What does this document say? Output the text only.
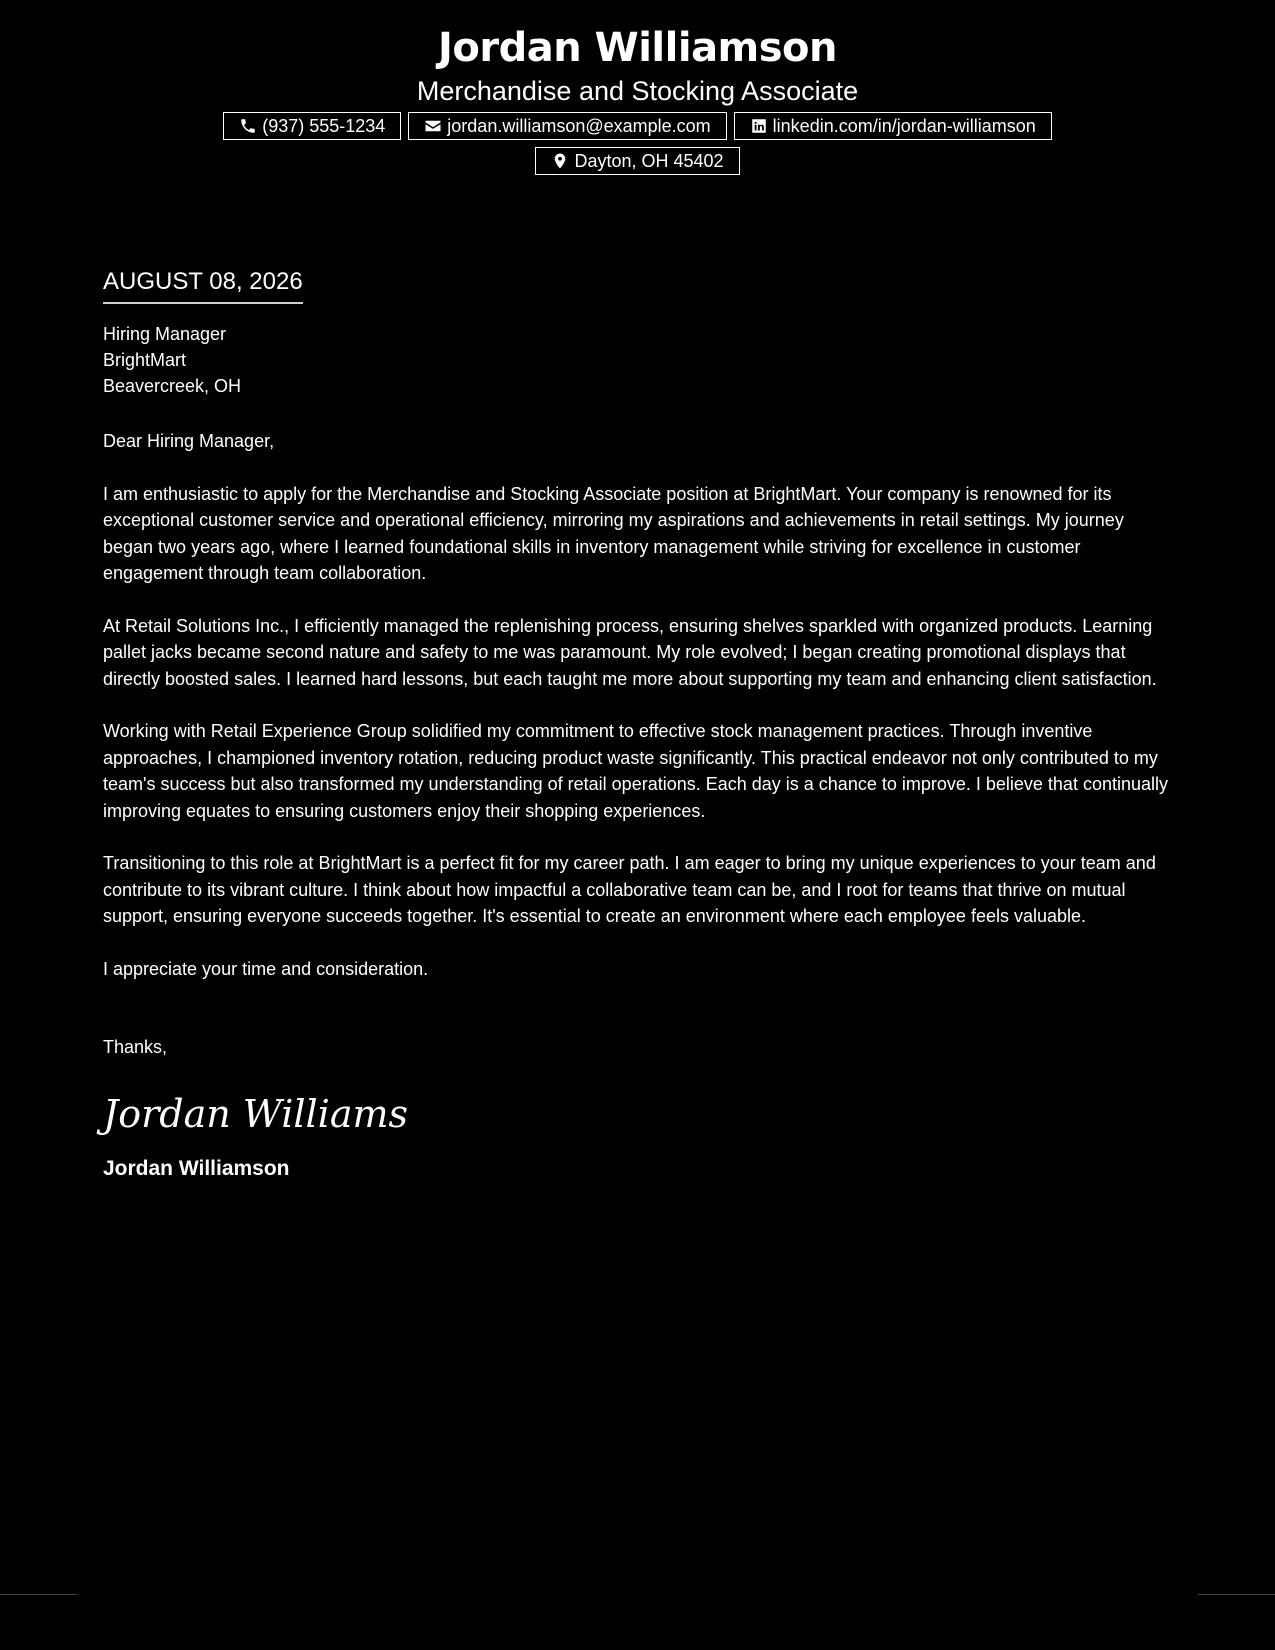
Jordan Williamson
Merchandise and Stocking Associate
(937) 555-1234	jordan.williamson@example.com	linkedin.com/in/jordan-williamson
Dayton, OH 45402
AUGUST 08, 2026
Hiring Manager
BrightMart
Beavercreek, OH
Dear Hiring Manager,

I am enthusiastic to apply for the Merchandise and Stocking Associate position at BrightMart. Your company is renowned for its exceptional customer service and operational efficiency, mirroring my aspirations and achievements in retail settings. My journey began two years ago, where I learned foundational skills in inventory management while striving for excellence in customer engagement through team collaboration.

At Retail Solutions Inc., I efficiently managed the replenishing process, ensuring shelves sparkled with organized products. Learning pallet jacks became second nature and safety to me was paramount. My role evolved; I began creating promotional displays that directly boosted sales. I learned hard lessons, but each taught me more about supporting my team and enhancing client satisfaction.

Working with Retail Experience Group solidified my commitment to effective stock management practices. Through inventive approaches, I championed inventory rotation, reducing product waste significantly. This practical endeavor not only contributed to my team's success but also transformed my understanding of retail operations. Each day is a chance to improve. I believe that continually improving equates to ensuring customers enjoy their shopping experiences.

Transitioning to this role at BrightMart is a perfect fit for my career path. I am eager to bring my unique experiences to your team and contribute to its vibrant culture. I think about how impactful a collaborative team can be, and I root for teams that thrive on mutual support, ensuring everyone succeeds together. It's essential to create an environment where each employee feels valuable.

I appreciate your time and consideration.
Thanks,
Jordan Williams
Jordan Williamson
